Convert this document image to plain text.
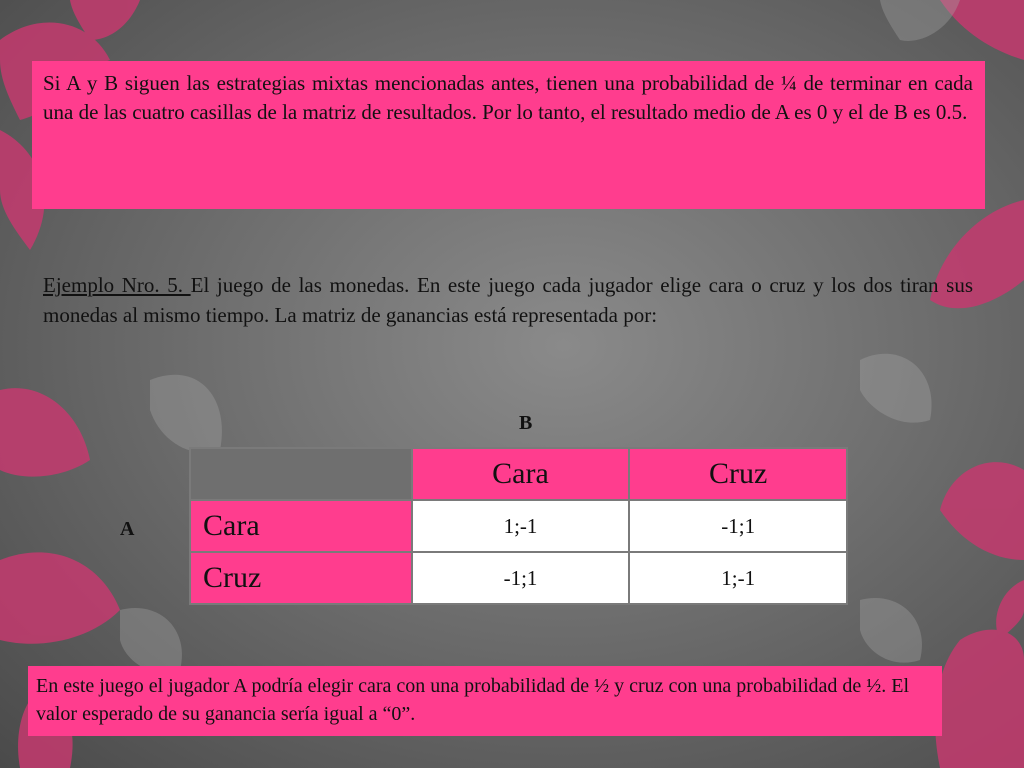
Si A y B siguen las estrategias mixtas mencionadas antes, tienen una probabilidad de ¼ de terminar en cada una de las cuatro casillas de la matriz de resultados. Por lo tanto, el resultado medio de A es 0 y el de B es 0.5.
Ejemplo Nro. 5. El juego de las monedas. En este juego cada jugador elige cara o cruz y los dos tiran sus monedas al mismo tiempo. La matriz de ganancias está representada por:
B
A
	Cara	Cruz
Cara	1;-1	-1;1
Cruz	-1;1	1;-1
En este juego el jugador A podría elegir cara con una probabilidad de ½ y cruz con una probabilidad de ½. El valor esperado de su ganancia sería igual a “0”.
